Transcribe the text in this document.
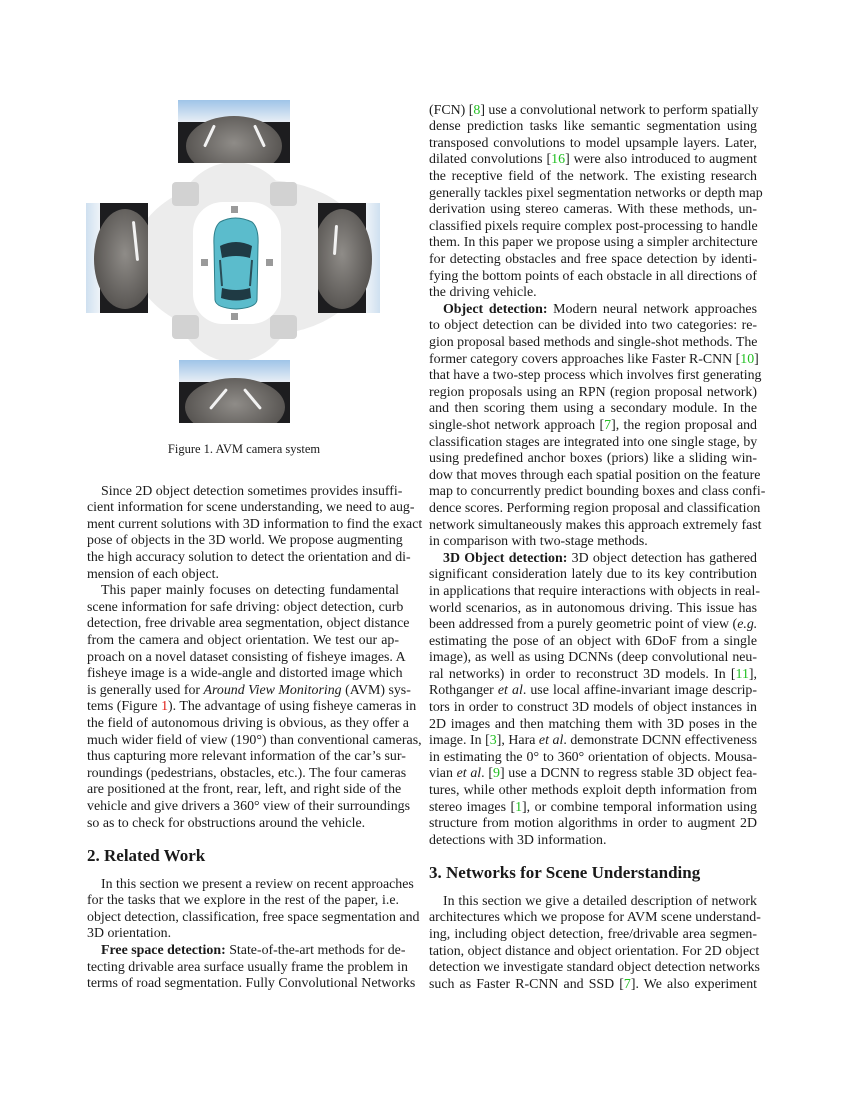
Figure 1. AVM camera system
Since 2D object detection sometimes provides insuffi-
cient information for scene understanding, we need to aug-
ment current solutions with 3D information to find the exact
pose of objects in the 3D world. We propose augmenting
the high accuracy solution to detect the orientation and di-
mension of each object.
This paper mainly focuses on detecting fundamental
scene information for safe driving: object detection, curb
detection, free drivable area segmentation, object distance
from the camera and object orientation. We test our ap-
proach on a novel dataset consisting of fisheye images. A
fisheye image is a wide-angle and distorted image which
is generally used for Around View Monitoring (AVM) sys-
tems (Figure 1). The advantage of using fisheye cameras in
the field of autonomous driving is obvious, as they offer a
much wider field of view (190°) than conventional cameras,
thus capturing more relevant information of the car’s sur-
roundings (pedestrians, obstacles, etc.). The four cameras
are positioned at the front, rear, left, and right side of the
vehicle and give drivers a 360° view of their surroundings
so as to check for obstructions around the vehicle.
2. Related Work
In this section we present a review on recent approaches
for the tasks that we explore in the rest of the paper, i.e.
object detection, classification, free space segmentation and
3D orientation.
Free space detection: State-of-the-art methods for de-
tecting drivable area surface usually frame the problem in
terms of road segmentation. Fully Convolutional Networks
(FCN) [8] use a convolutional network to perform spatially
dense prediction tasks like semantic segmentation using
transposed convolutions to model upsample layers. Later,
dilated convolutions [16] were also introduced to augment
the receptive field of the network. The existing research
generally tackles pixel segmentation networks or depth map
derivation using stereo cameras. With these methods, un-
classified pixels require complex post-processing to handle
them. In this paper we propose using a simpler architecture
for detecting obstacles and free space detection by identi-
fying the bottom points of each obstacle in all directions of
the driving vehicle.
Object detection: Modern neural network approaches
to object detection can be divided into two categories: re-
gion proposal based methods and single-shot methods. The
former category covers approaches like Faster R-CNN [10]
that have a two-step process which involves first generating
region proposals using an RPN (region proposal network)
and then scoring them using a secondary module. In the
single-shot network approach [7], the region proposal and
classification stages are integrated into one single stage, by
using predefined anchor boxes (priors) like a sliding win-
dow that moves through each spatial position on the feature
map to concurrently predict bounding boxes and class confi-
dence scores. Performing region proposal and classification
network simultaneously makes this approach extremely fast
in comparison with two-stage methods.
3D Object detection: 3D object detection has gathered
significant consideration lately due to its key contribution
in applications that require interactions with objects in real-
world scenarios, as in autonomous driving. This issue has
been addressed from a purely geometric point of view (e.g.
estimating the pose of an object with 6DoF from a single
image), as well as using DCNNs (deep convolutional neu-
ral networks) in order to reconstruct 3D models. In [11],
Rothganger et al. use local affine-invariant image descrip-
tors in order to construct 3D models of object instances in
2D images and then matching them with 3D poses in the
image. In [3], Hara et al. demonstrate DCNN effectiveness
in estimating the 0° to 360° orientation of objects. Mousa-
vian et al. [9] use a DCNN to regress stable 3D object fea-
tures, while other methods exploit depth information from
stereo images [1], or combine temporal information using
structure from motion algorithms in order to augment 2D
detections with 3D information.
3. Networks for Scene Understanding
In this section we give a detailed description of network
architectures which we propose for AVM scene understand-
ing, including object detection, free/drivable area segmen-
tation, object distance and object orientation. For 2D object
detection we investigate standard object detection networks
such as Faster R-CNN and SSD [7]. We also experiment
